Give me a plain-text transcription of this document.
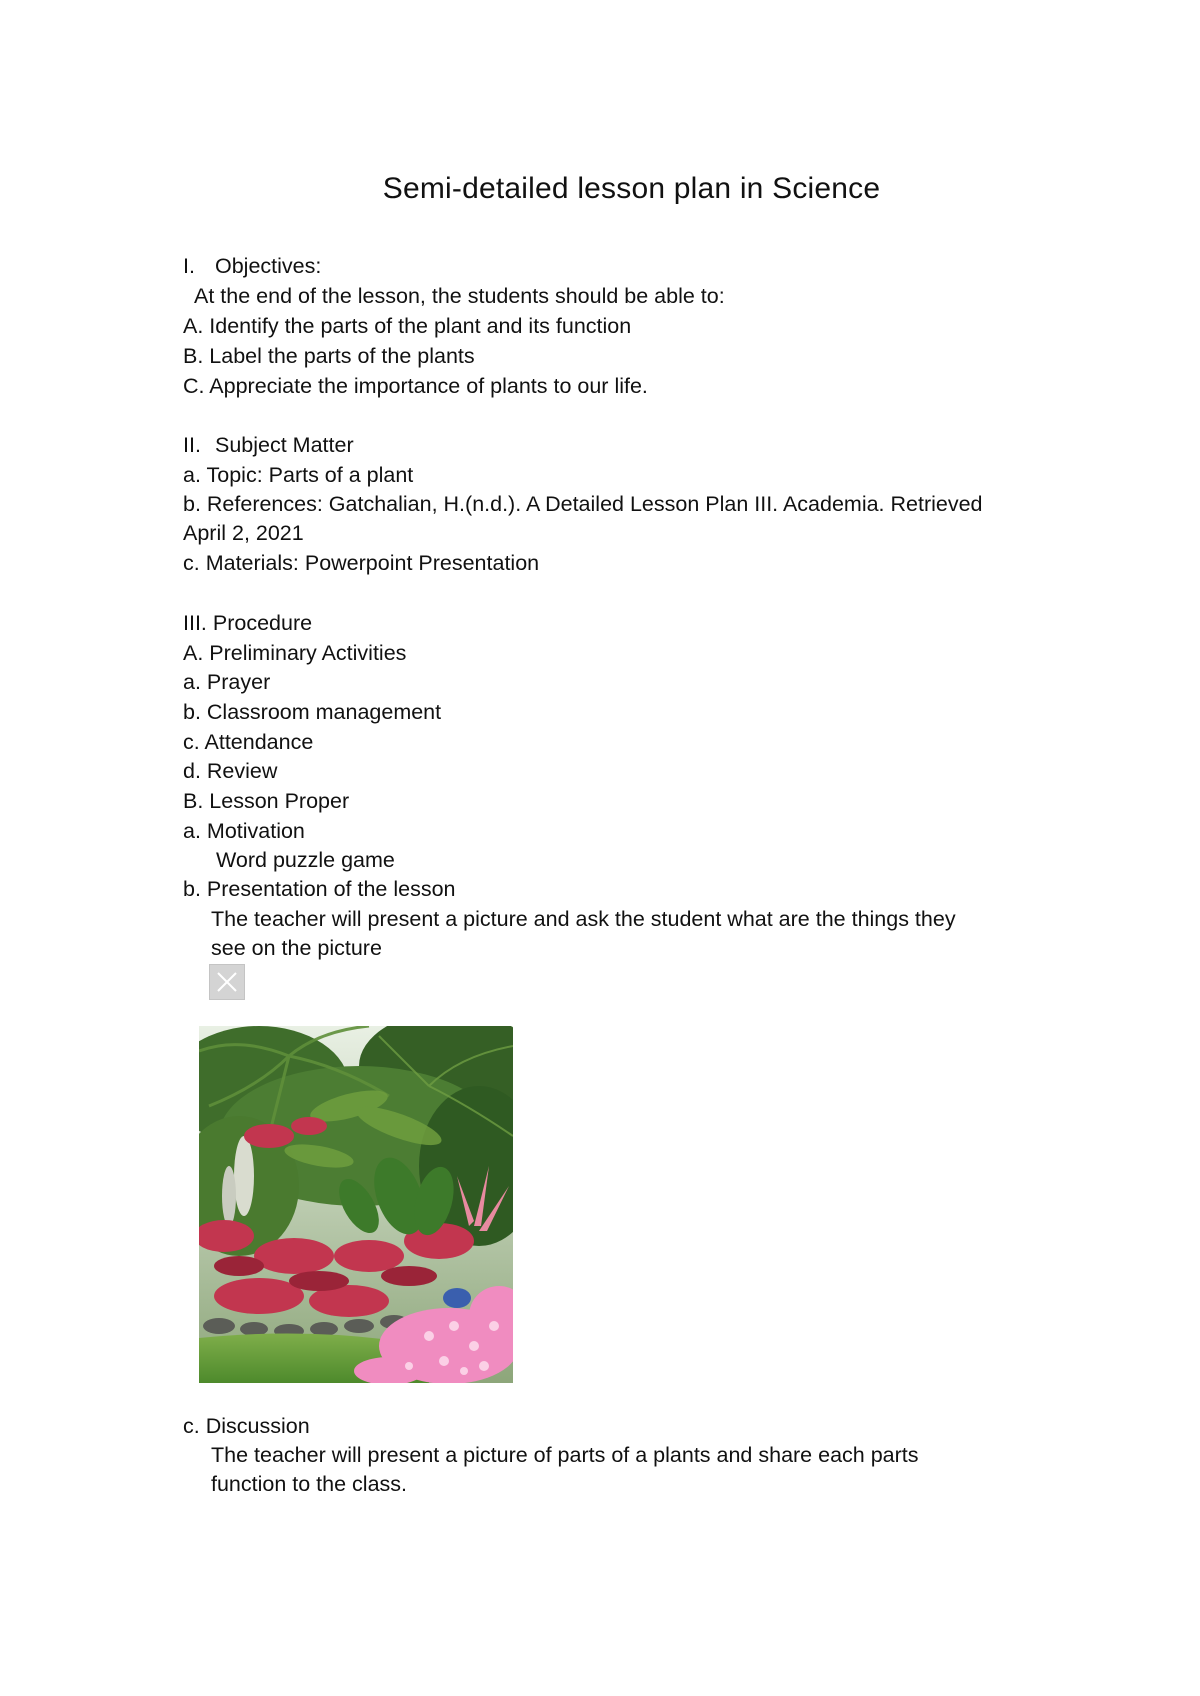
Semi-detailed lesson plan in Science
I. Objectives:
At the end of the lesson, the students should be able to:
A. Identify the parts of the plant and its function
B. Label the parts of the plants
C. Appreciate the importance of plants to our life.
II. Subject Matter
a. Topic: Parts of a plant
b. References: Gatchalian, H.(n.d.). A Detailed Lesson Plan III. Academia. Retrieved
April 2, 2021
c. Materials: Powerpoint Presentation
III. Procedure
A. Preliminary Activities
a. Prayer
b. Classroom management
c. Attendance
d. Review
B. Lesson Proper
a. Motivation
Word puzzle game
b. Presentation of the lesson
The teacher will present a picture and ask the student what are the things they
see on the picture
c. Discussion
The teacher will present a picture of parts of a plants and share each parts
function to the class.
